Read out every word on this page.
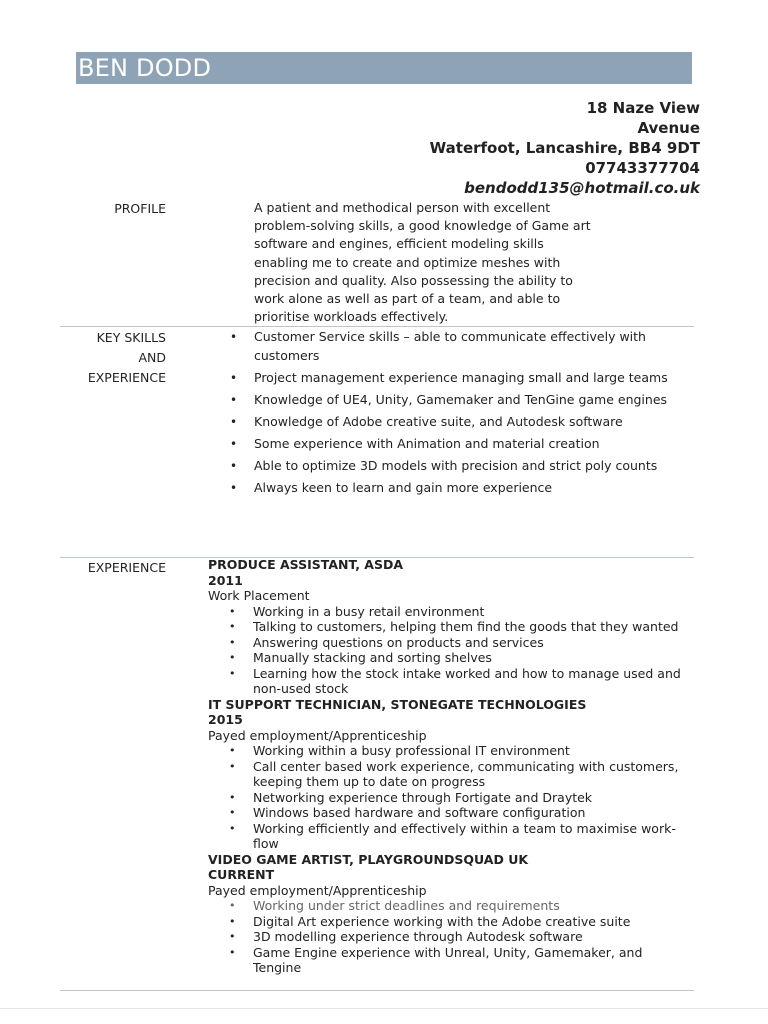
BEN DODD
18 Naze View
Avenue
Waterfoot, Lancashire, BB4 9DT
07743377704
bendodd135@hotmail.co.uk
PROFILE	A patient and methodical person with excellent problem-solving skills, a good knowledge of Game art software and engines, efficient modeling skills enabling me to create and optimize meshes with precision and quality. Also possessing the ability to work alone as well as part of a team, and able to prioritise workloads effectively.
KEY SKILLS
AND
EXPERIENCE
• Customer Service skills – able to communicate effectively with customers
• Project management experience managing small and large teams
• Knowledge of UE4, Unity, Gamemaker and TenGine game engines
• Knowledge of Adobe creative suite, and Autodesk software
• Some experience with Animation and material creation
• Able to optimize 3D models with precision and strict poly counts
• Always keen to learn and gain more experience
EXPERIENCE	PRODUCE ASSISTANT, ASDA
2011
Work Placement
• Working in a busy retail environment
• Talking to customers, helping them find the goods that they wanted
• Answering questions on products and services
• Manually stacking and sorting shelves
• Learning how the stock intake worked and how to manage used and non-used stock
IT SUPPORT TECHNICIAN, STONEGATE TECHNOLOGIES
2015
Payed employment/Apprenticeship
• Working within a busy professional IT environment
• Call center based work experience, communicating with customers, keeping them up to date on progress
• Networking experience through Fortigate and Draytek
• Windows based hardware and software configuration
• Working efficiently and effectively within a team to maximise work-flow
VIDEO GAME ARTIST, PLAYGROUNDSQUAD UK
CURRENT
Payed employment/Apprenticeship
• Working under strict deadlines and requirements
• Digital Art experience working with the Adobe creative suite
• 3D modelling experience through Autodesk software
• Game Engine experience with Unreal, Unity, Gamemaker, and Tengine
